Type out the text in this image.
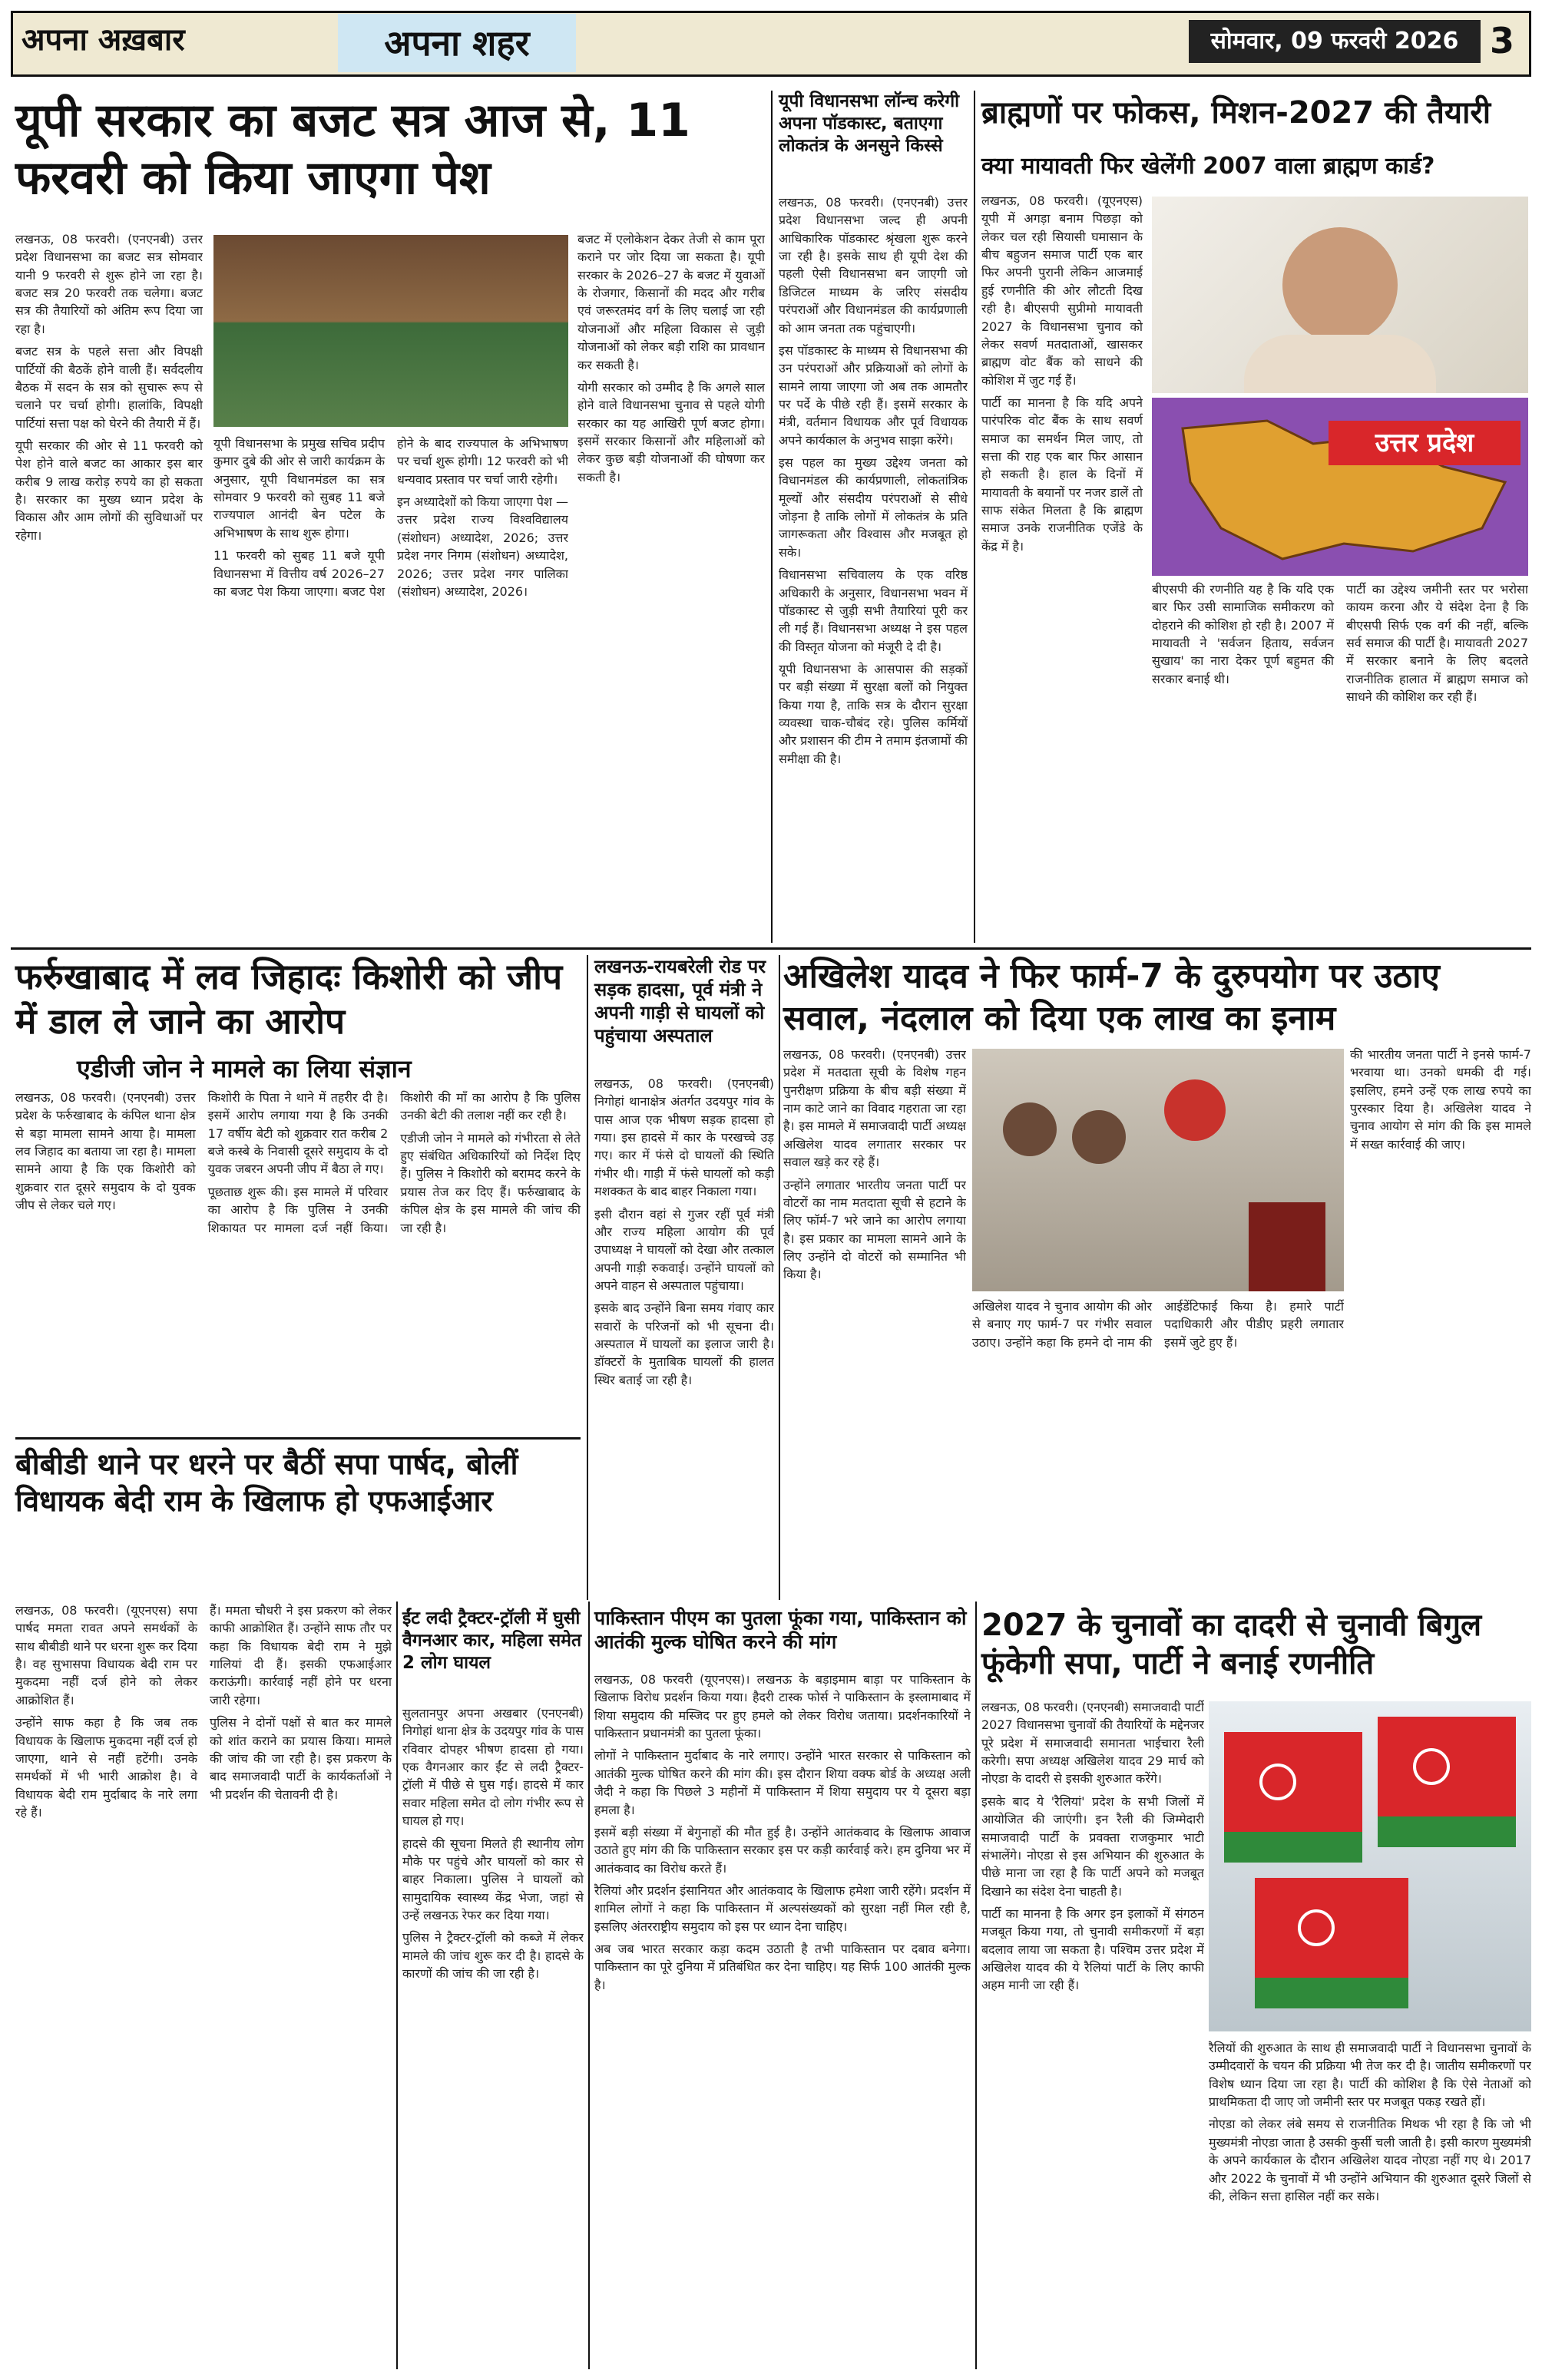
अपना अख़बार	अपना शहर	सोमवार, 09 फरवरी 2026 3
यूपी सरकार का बजट सत्र आज से, 11 फरवरी को किया जाएगा पेश

लखनऊ, 08 फरवरी। (एनएनबी) उत्तर प्रदेश विधानसभा का बजट सत्र सोमवार यानी 9 फरवरी से शुरू होने जा रहा है। बजट सत्र 20 फरवरी तक चलेगा। बजट सत्र की तैयारियों को अंतिम रूप दिया जा रहा है।

बजट सत्र के पहले सत्ता और विपक्षी पार्टियों की बैठकें होने वाली हैं। सर्वदलीय बैठक में सदन के सत्र को सुचारू रूप से चलाने पर चर्चा होगी। हालांकि, विपक्षी पार्टियां सत्ता पक्ष को घेरने की तैयारी में हैं।

यूपी सरकार की ओर से 11 फरवरी को पेश होने वाले बजट का आकार इस बार करीब 9 लाख करोड़ रुपये का हो सकता है। सरकार का मुख्य ध्यान प्रदेश के विकास और आम लोगों की सुविधाओं पर रहेगा।

यूपी विधानसभा के प्रमुख सचिव प्रदीप कुमार दुबे की ओर से जारी कार्यक्रम के अनुसार, यूपी विधानमंडल का सत्र सोमवार 9 फरवरी को सुबह 11 बजे राज्यपाल आनंदी बेन पटेल के अभिभाषण के साथ शुरू होगा।

11 फरवरी को सुबह 11 बजे यूपी विधानसभा में वित्तीय वर्ष 2026–27 का बजट पेश किया जाएगा। बजट पेश होने के बाद राज्यपाल के अभिभाषण पर चर्चा शुरू होगी। 12 फरवरी को भी धन्यवाद प्रस्ताव पर चर्चा जारी रहेगी।

इन अध्यादेशों को किया जाएगा पेश — उत्तर प्रदेश राज्य विश्वविद्यालय (संशोधन) अध्यादेश, 2026; उत्तर प्रदेश नगर निगम (संशोधन) अध्यादेश, 2026; उत्तर प्रदेश नगर पालिका (संशोधन) अध्यादेश, 2026।

बजट में एलोकेशन देकर तेजी से काम पूरा कराने पर जोर दिया जा सकता है। यूपी सरकार के 2026–27 के बजट में युवाओं के रोजगार, किसानों की मदद और गरीब एवं जरूरतमंद वर्ग के लिए चलाई जा रही योजनाओं और महिला विकास से जुड़ी योजनाओं को लेकर बड़ी राशि का प्रावधान कर सकती है।

योगी सरकार को उम्मीद है कि अगले साल होने वाले विधानसभा चुनाव से पहले योगी सरकार का यह आखिरी पूर्ण बजट होगा। इसमें सरकार किसानों और महिलाओं को लेकर कुछ बड़ी योजनाओं की घोषणा कर सकती है।

यूपी विधानसभा लॉन्च करेगी अपना पॉडकास्ट, बताएगा लोकतंत्र के अनसुने किस्से

लखनऊ, 08 फरवरी। (एनएनबी) उत्तर प्रदेश विधानसभा जल्द ही अपनी आधिकारिक पॉडकास्ट श्रृंखला शुरू करने जा रही है। इसके साथ ही यूपी देश की पहली ऐसी विधानसभा बन जाएगी जो डिजिटल माध्यम के जरिए संसदीय परंपराओं और विधानमंडल की कार्यप्रणाली को आम जनता तक पहुंचाएगी।

इस पॉडकास्ट के माध्यम से विधानसभा की उन परंपराओं और प्रक्रियाओं को लोगों के सामने लाया जाएगा जो अब तक आमतौर पर पर्दे के पीछे रही हैं। इसमें सरकार के मंत्री, वर्तमान विधायक और पूर्व विधायक अपने कार्यकाल के अनुभव साझा करेंगे।

इस पहल का मुख्य उद्देश्य जनता को विधानमंडल की कार्यप्रणाली, लोकतांत्रिक मूल्यों और संसदीय परंपराओं से सीधे जोड़ना है ताकि लोगों में लोकतंत्र के प्रति जागरूकता और विश्वास और मजबूत हो सके।

विधानसभा सचिवालय के एक वरिष्ठ अधिकारी के अनुसार, विधानसभा भवन में पॉडकास्ट से जुड़ी सभी तैयारियां पूरी कर ली गई हैं। विधानसभा अध्यक्ष ने इस पहल की विस्तृत योजना को मंजूरी दे दी है।

यूपी विधानसभा के आसपास की सड़कों पर बड़ी संख्या में सुरक्षा बलों को नियुक्त किया गया है, ताकि सत्र के दौरान सुरक्षा व्यवस्था चाक-चौबंद रहे। पुलिस कर्मियों और प्रशासन की टीम ने तमाम इंतजामों की समीक्षा की है।

ब्राह्मणों पर फोकस, मिशन-2027 की तैयारी
क्या मायावती फिर खेलेंगी 2007 वाला ब्राह्मण कार्ड?

लखनऊ, 08 फरवरी। (यूएनएस) यूपी में अगड़ा बनाम पिछड़ा को लेकर चल रही सियासी घमासान के बीच बहुजन समाज पार्टी एक बार फिर अपनी पुरानी लेकिन आजमाई हुई रणनीति की ओर लौटती दिख रही है। बीएसपी सुप्रीमो मायावती 2027 के विधानसभा चुनाव को लेकर सवर्ण मतदाताओं, खासकर ब्राह्मण वोट बैंक को साधने की कोशिश में जुट गई हैं।

पार्टी का मानना है कि यदि अपने पारंपरिक वोट बैंक के साथ सवर्ण समाज का समर्थन मिल जाए, तो सत्ता की राह एक बार फिर आसान हो सकती है। हाल के दिनों में मायावती के बयानों पर नजर डालें तो साफ संकेत मिलता है कि ब्राह्मण समाज उनके राजनीतिक एजेंडे के केंद्र में है।

उत्तर प्रदेश

बीएसपी की रणनीति यह है कि यदि एक बार फिर उसी सामाजिक समीकरण को दोहराने की कोशिश हो रही है। 2007 में मायावती ने 'सर्वजन हिताय, सर्वजन सुखाय' का नारा देकर पूर्ण बहुमत की सरकार बनाई थी।

पार्टी का उद्देश्य जमीनी स्तर पर भरोसा कायम करना और ये संदेश देना है कि बीएसपी सिर्फ एक वर्ग की नहीं, बल्कि सर्व समाज की पार्टी है। मायावती 2027 में सरकार बनाने के लिए बदलते राजनीतिक हालात में ब्राह्मण समाज को साधने की कोशिश कर रही हैं।

फर्रुखाबाद में लव जिहादः किशोरी को जीप में डाल ले जाने का आरोप
एडीजी जोन ने मामले का लिया संज्ञान

लखनऊ, 08 फरवरी। (एनएनबी) उत्तर प्रदेश के फर्रुखाबाद के कंपिल थाना क्षेत्र से बड़ा मामला सामने आया है। मामला लव जिहाद का बताया जा रहा है। मामला सामने आया है कि एक किशोरी को शुक्रवार रात दूसरे समुदाय के दो युवक जीप से लेकर चले गए।

किशोरी के पिता ने थाने में तहरीर दी है। इसमें आरोप लगाया गया है कि उनकी 17 वर्षीय बेटी को शुक्रवार रात करीब 2 बजे कस्बे के निवासी दूसरे समुदाय के दो युवक जबरन अपनी जीप में बैठा ले गए।

पूछताछ शुरू की। इस मामले में परिवार का आरोप है कि पुलिस ने उनकी शिकायत पर मामला दर्ज नहीं किया। किशोरी की माँ का आरोप है कि पुलिस उनकी बेटी की तलाश नहीं कर रही है।

एडीजी जोन ने मामले को गंभीरता से लेते हुए संबंधित अधिकारियों को निर्देश दिए हैं। पुलिस ने किशोरी को बरामद करने के प्रयास तेज कर दिए हैं। फर्रुखाबाद के कंपिल क्षेत्र के इस मामले की जांच की जा रही है।

लखनऊ-रायबरेली रोड पर सड़क हादसा, पूर्व मंत्री ने अपनी गाड़ी से घायलों को पहुंचाया अस्पताल

लखनऊ, 08 फरवरी। (एनएनबी) निगोहां थानाक्षेत्र अंतर्गत उदयपुर गांव के पास आज एक भीषण सड़क हादसा हो गया। इस हादसे में कार के परखच्चे उड़ गए। कार में फंसे दो घायलों की स्थिति गंभीर थी। गाड़ी में फंसे घायलों को कड़ी मशक्कत के बाद बाहर निकाला गया।

इसी दौरान वहां से गुजर रहीं पूर्व मंत्री और राज्य महिला आयोग की पूर्व उपाध्यक्ष ने घायलों को देखा और तत्काल अपनी गाड़ी रुकवाई। उन्होंने घायलों को अपने वाहन से अस्पताल पहुंचाया।

इसके बाद उन्होंने बिना समय गंवाए कार सवारों के परिजनों को भी सूचना दी। अस्पताल में घायलों का इलाज जारी है। डॉक्टरों के मुताबिक घायलों की हालत स्थिर बताई जा रही है।

अखिलेश यादव ने फिर फार्म-7 के दुरुपयोग पर उठाए सवाल, नंदलाल को दिया एक लाख का इनाम

लखनऊ, 08 फरवरी। (एनएनबी) उत्तर प्रदेश में मतदाता सूची के विशेष गहन पुनरीक्षण प्रक्रिया के बीच बड़ी संख्या में नाम काटे जाने का विवाद गहराता जा रहा है। इस मामले में समाजवादी पार्टी अध्यक्ष अखिलेश यादव लगातार सरकार पर सवाल खड़े कर रहे हैं।

उन्होंने लगातार भारतीय जनता पार्टी पर वोटरों का नाम मतदाता सूची से हटाने के लिए फॉर्म-7 भरे जाने का आरोप लगाया है। इस प्रकार का मामला सामने आने के लिए उन्होंने दो वोटरों को सम्मानित भी किया है।

अखिलेश यादव ने चुनाव आयोग की ओर से बनाए गए फार्म-7 पर गंभीर सवाल उठाए। उन्होंने कहा कि हमने दो नाम की आईडेंटिफाई किया है। हमारे पार्टी पदाधिकारी और पीडीए प्रहरी लगातार इसमें जुटे हुए हैं।

की भारतीय जनता पार्टी ने इनसे फार्म-7 भरवाया था। उनको धमकी दी गई। इसलिए, हमने उन्हें एक लाख रुपये का पुरस्कार दिया है। अखिलेश यादव ने चुनाव आयोग से मांग की कि इस मामले में सख्त कार्रवाई की जाए।

बीबीडी थाने पर धरने पर बैठीं सपा पार्षद, बोलीं विधायक बेदी राम के खिलाफ हो एफआईआर

लखनऊ, 08 फरवरी। (यूएनएस) सपा पार्षद ममता रावत अपने समर्थकों के साथ बीबीडी थाने पर धरना शुरू कर दिया है। वह सुभासपा विधायक बेदी राम पर मुकदमा नहीं दर्ज होने को लेकर आक्रोशित हैं।

उन्होंने साफ कहा है कि जब तक विधायक के खिलाफ मुकदमा नहीं दर्ज हो जाएगा, थाने से नहीं हटेंगी। उनके समर्थकों में भी भारी आक्रोश है। वे विधायक बेदी राम मुर्दाबाद के नारे लगा रहे हैं।

हैं। ममता चौधरी ने इस प्रकरण को लेकर काफी आक्रोशित हैं। उन्होंने साफ तौर पर कहा कि विधायक बेदी राम ने मुझे गालियां दी हैं। इसकी एफआईआर कराऊंगी। कार्रवाई नहीं होने पर धरना जारी रहेगा।

पुलिस ने दोनों पक्षों से बात कर मामले को शांत कराने का प्रयास किया। मामले की जांच की जा रही है। इस प्रकरण के बाद समाजवादी पार्टी के कार्यकर्ताओं ने भी प्रदर्शन की चेतावनी दी है।

ईंट लदी ट्रैक्टर-ट्रॉली में घुसी वैगनआर कार, महिला समेत 2 लोग घायल

सुलतानपुर अपना अखबार (एनएनबी) निगोहां थाना क्षेत्र के उदयपुर गांव के पास रविवार दोपहर भीषण हादसा हो गया। एक वैगनआर कार ईंट से लदी ट्रैक्टर-ट्रॉली में पीछे से घुस गई। हादसे में कार सवार महिला समेत दो लोग गंभीर रूप से घायल हो गए।

हादसे की सूचना मिलते ही स्थानीय लोग मौके पर पहुंचे और घायलों को कार से बाहर निकाला। पुलिस ने घायलों को सामुदायिक स्वास्थ्य केंद्र भेजा, जहां से उन्हें लखनऊ रेफर कर दिया गया।

पुलिस ने ट्रैक्टर-ट्रॉली को कब्जे में लेकर मामले की जांच शुरू कर दी है। हादसे के कारणों की जांच की जा रही है।

पाकिस्तान पीएम का पुतला फूंका गया, पाकिस्तान को आतंकी मुल्क घोषित करने की मांग

लखनऊ, 08 फरवरी (यूएनएस)। लखनऊ के बड़ाइमाम बाड़ा पर पाकिस्तान के खिलाफ विरोध प्रदर्शन किया गया। हैदरी टास्क फोर्स ने पाकिस्तान के इस्लामाबाद में शिया समुदाय की मस्जिद पर हुए हमले को लेकर विरोध जताया। प्रदर्शनकारियों ने पाकिस्तान प्रधानमंत्री का पुतला फूंका।

लोगों ने पाकिस्तान मुर्दाबाद के नारे लगाए। उन्होंने भारत सरकार से पाकिस्तान को आतंकी मुल्क घोषित करने की मांग की। इस दौरान शिया वक्फ बोर्ड के अध्यक्ष अली जैदी ने कहा कि पिछले 3 महीनों में पाकिस्तान में शिया समुदाय पर ये दूसरा बड़ा हमला है।

इसमें बड़ी संख्या में बेगुनाहों की मौत हुई है। उन्होंने आतंकवाद के खिलाफ आवाज उठाते हुए मांग की कि पाकिस्तान सरकार इस पर कड़ी कार्रवाई करे। हम दुनिया भर में आतंकवाद का विरोध करते हैं।

रैलियां और प्रदर्शन इंसानियत और आतंकवाद के खिलाफ हमेशा जारी रहेंगे। प्रदर्शन में शामिल लोगों ने कहा कि पाकिस्तान में अल्पसंख्यकों को सुरक्षा नहीं मिल रही है, इसलिए अंतरराष्ट्रीय समुदाय को इस पर ध्यान देना चाहिए।

अब जब भारत सरकार कड़ा कदम उठाती है तभी पाकिस्तान पर दबाव बनेगा। पाकिस्तान का पूरे दुनिया में प्रतिबंधित कर देना चाहिए। यह सिर्फ 100 आतंकी मुल्क है।

2027 के चुनावों का दादरी से चुनावी बिगुल फूंकेगी सपा, पार्टी ने बनाई रणनीति

लखनऊ, 08 फरवरी। (एनएनबी) समाजवादी पार्टी 2027 विधानसभा चुनावों की तैयारियों के मद्देनजर पूरे प्रदेश में समाजवादी समानता भाईचारा रैली करेगी। सपा अध्यक्ष अखिलेश यादव 29 मार्च को नोएडा के दादरी से इसकी शुरुआत करेंगे।

इसके बाद ये 'रैलियां' प्रदेश के सभी जिलों में आयोजित की जाएंगी। इन रैली की जिम्मेदारी समाजवादी पार्टी के प्रवक्ता राजकुमार भाटी संभालेंगे। नोएडा से इस अभियान की शुरुआत के पीछे माना जा रहा है कि पार्टी अपने को मजबूत दिखाने का संदेश देना चाहती है।

पार्टी का मानना है कि अगर इन इलाकों में संगठन मजबूत किया गया, तो चुनावी समीकरणों में बड़ा बदलाव लाया जा सकता है। पश्चिम उत्तर प्रदेश में अखिलेश यादव की ये रैलियां पार्टी के लिए काफी अहम मानी जा रही हैं।

रैलियों की शुरुआत के साथ ही समाजवादी पार्टी ने विधानसभा चुनावों के उम्मीदवारों के चयन की प्रक्रिया भी तेज कर दी है। जातीय समीकरणों पर विशेष ध्यान दिया जा रहा है। पार्टी की कोशिश है कि ऐसे नेताओं को प्राथमिकता दी जाए जो जमीनी स्तर पर मजबूत पकड़ रखते हों।

नोएडा को लेकर लंबे समय से राजनीतिक मिथक भी रहा है कि जो भी मुख्यमंत्री नोएडा जाता है उसकी कुर्सी चली जाती है। इसी कारण मुख्यमंत्री के अपने कार्यकाल के दौरान अखिलेश यादव नोएडा नहीं गए थे। 2017 और 2022 के चुनावों में भी उन्होंने अभियान की शुरुआत दूसरे जिलों से की, लेकिन सत्ता हासिल नहीं कर सके।
